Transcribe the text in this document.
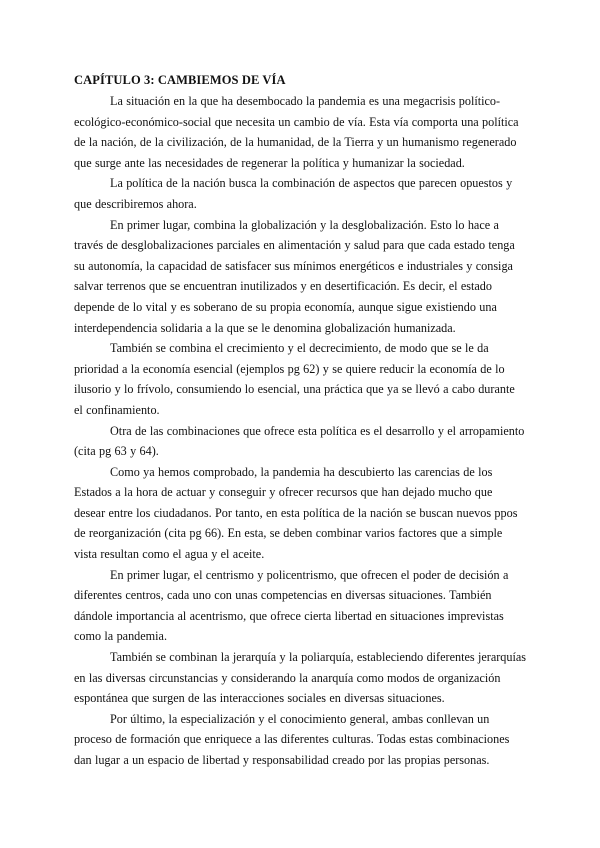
CAPÍTULO 3: CAMBIEMOS DE VÍA

La situación en la que ha desembocado la pandemia es una megacrisis político-ecológico-económico-social que necesita un cambio de vía. Esta vía comporta una política de la nación, de la civilización, de la humanidad, de la Tierra y un humanismo regenerado que surge ante las necesidades de regenerar la política y humanizar la sociedad.

La política de la nación busca la combinación de aspectos que parecen opuestos y que describiremos ahora.

En primer lugar, combina la globalización y la desglobalización. Esto lo hace a través de desglobalizaciones parciales en alimentación y salud para que cada estado tenga su autonomía, la capacidad de satisfacer sus mínimos energéticos e industriales y consiga salvar terrenos que se encuentran inutilizados y en desertificación. Es decir, el estado depende de lo vital y es soberano de su propia economía, aunque sigue existiendo una interdependencia solidaria a la que se le denomina globalización humanizada.

También se combina el crecimiento y el decrecimiento, de modo que se le da prioridad a la economía esencial (ejemplos pg 62) y se quiere reducir la economía de lo ilusorio y lo frívolo, consumiendo lo esencial, una práctica que ya se llevó a cabo durante el confinamiento.

Otra de las combinaciones que ofrece esta política es el desarrollo y el arropamiento (cita pg 63 y 64).

Como ya hemos comprobado, la pandemia ha descubierto las carencias de los Estados a la hora de actuar y conseguir y ofrecer recursos que han dejado mucho que desear entre los ciudadanos. Por tanto, en esta política de la nación se buscan nuevos ppos de reorganización (cita pg 66). En esta, se deben combinar varios factores que a simple vista resultan como el agua y el aceite.

En primer lugar, el centrismo y policentrismo, que ofrecen el poder de decisión a diferentes centros, cada uno con unas competencias en diversas situaciones. También dándole importancia al acentrismo, que ofrece cierta libertad en situaciones imprevistas como la pandemia.

También se combinan la jerarquía y la poliarquía, estableciendo diferentes jerarquías en las diversas circunstancias y considerando la anarquía como modos de organización espontánea que surgen de las interacciones sociales en diversas situaciones.

Por último, la especialización y el conocimiento general, ambas conllevan un proceso de formación que enriquece a las diferentes culturas. Todas estas combinaciones dan lugar a un espacio de libertad y responsabilidad creado por las propias personas.
